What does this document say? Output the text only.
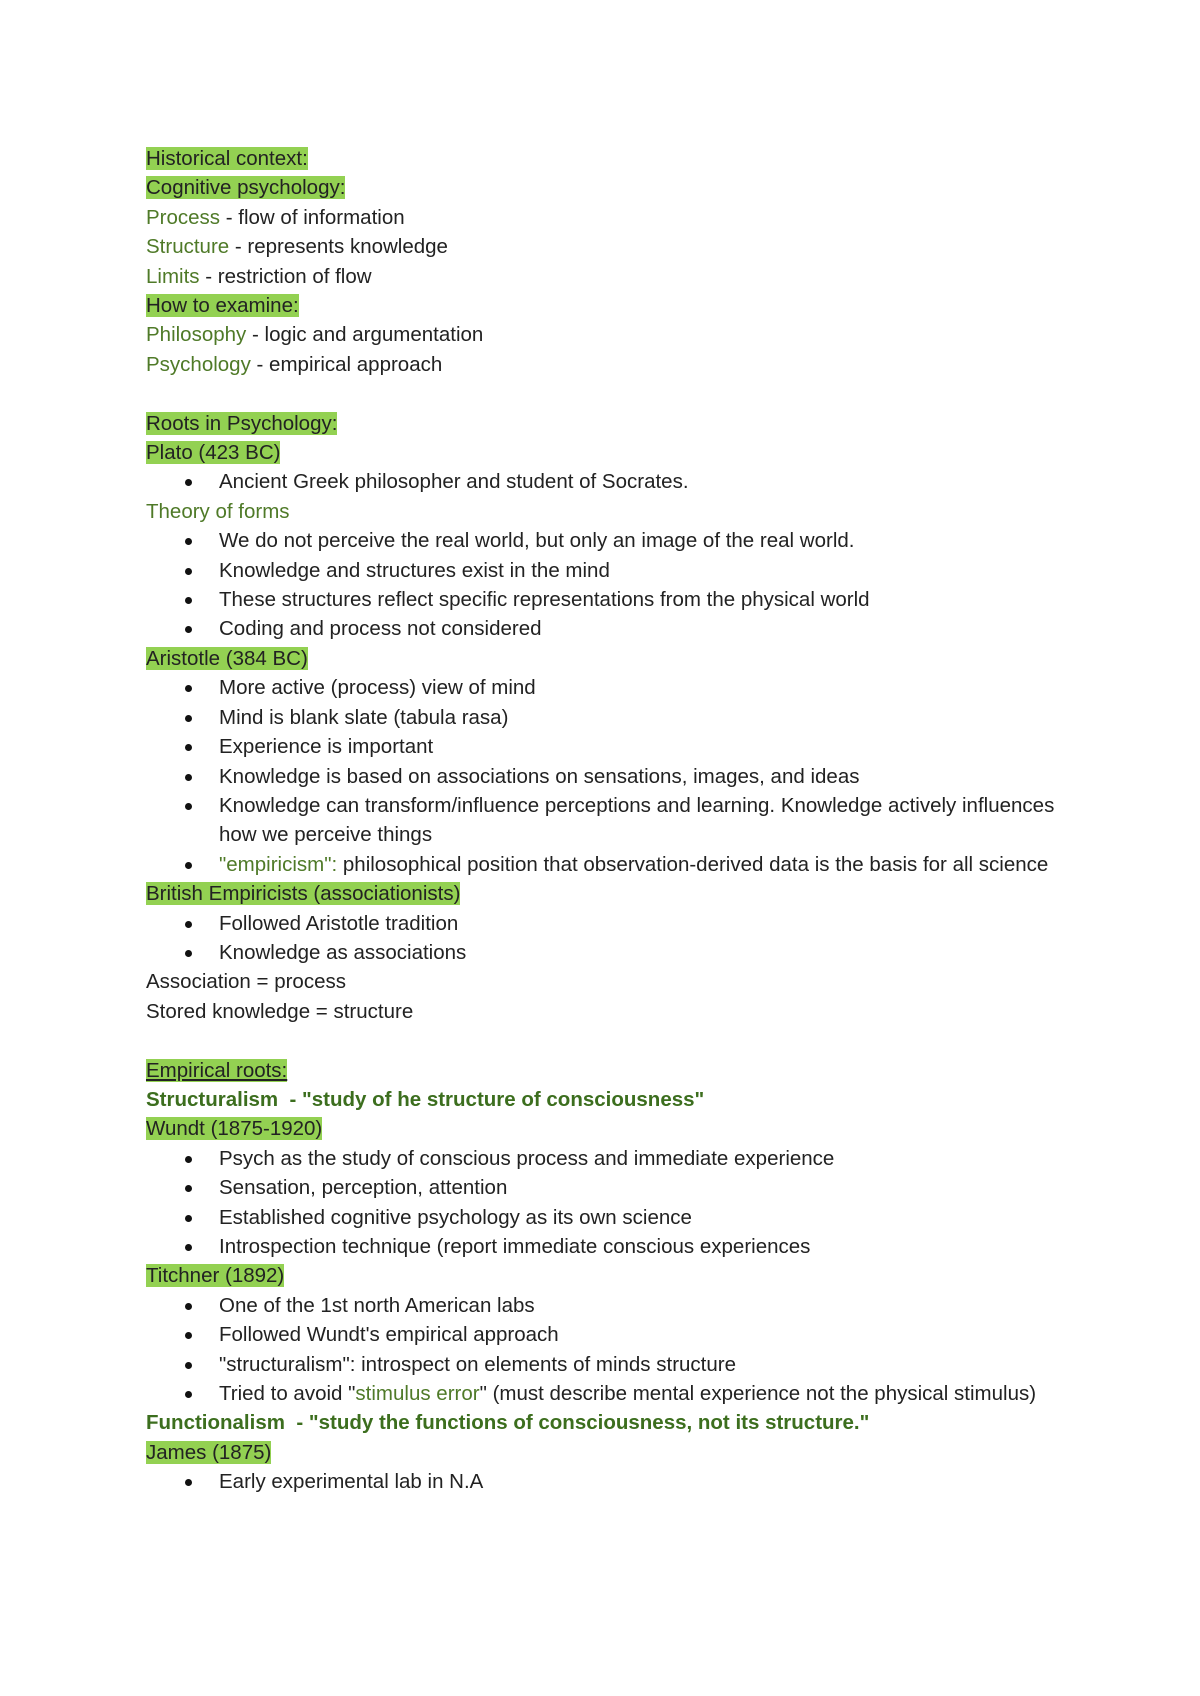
Historical context:
Cognitive psychology:
Process - flow of information
Structure - represents knowledge
Limits - restriction of flow
How to examine:
Philosophy - logic and argumentation
Psychology - empirical approach
Roots in Psychology:
Plato (423 BC)
Ancient Greek philosopher and student of Socrates.
Theory of forms
We do not perceive the real world, but only an image of the real world.
Knowledge and structures exist in the mind
These structures reflect specific representations from the physical world
Coding and process not considered
Aristotle (384 BC)
More active (process) view of mind
Mind is blank slate (tabula rasa)
Experience is important
Knowledge is based on associations on sensations, images, and ideas
Knowledge can transform/influence perceptions and learning. Knowledge actively influences how we perceive things
"empiricism": philosophical position that observation-derived data is the basis for all science
British Empiricists (associationists)
Followed Aristotle tradition
Knowledge as associations
Association = process
Stored knowledge = structure
Empirical roots:
Structuralism  - "study of he structure of consciousness"
Wundt (1875-1920)
Psych as the study of conscious process and immediate experience
Sensation, perception, attention
Established cognitive psychology as its own science
Introspection technique (report immediate conscious experiences
Titchner (1892)
One of the 1st north American labs
Followed Wundt's empirical approach
"structuralism": introspect on elements of minds structure
Tried to avoid "stimulus error" (must describe mental experience not the physical stimulus)
Functionalism  - "study the functions of consciousness, not its structure."
James (1875)
Early experimental lab in N.A
